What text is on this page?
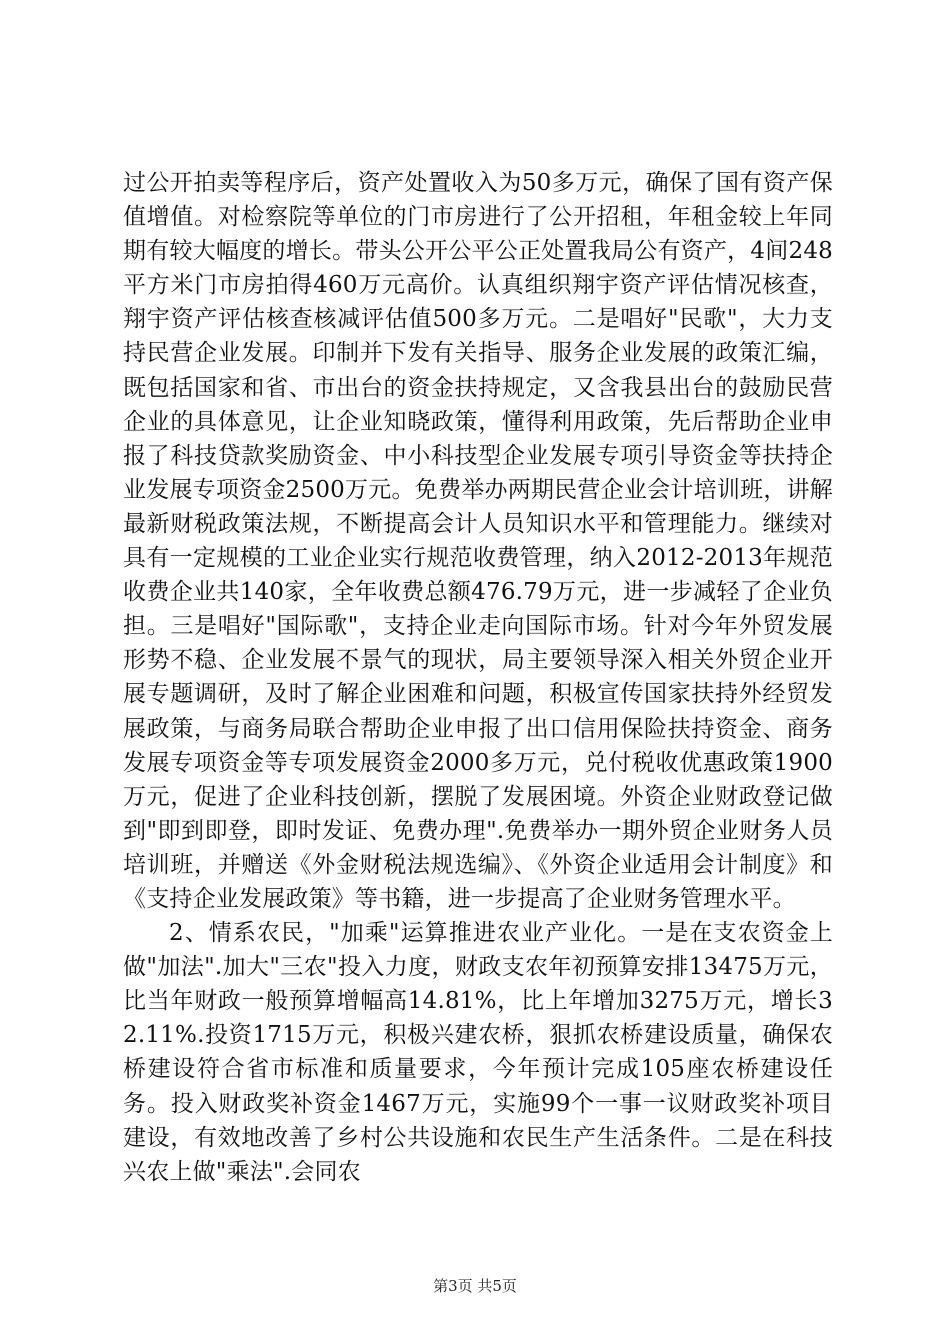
过公开拍卖等程序后，资产处置收入为50多万元，确保了国有资产保值增值。对检察院等单位的门市房进行了公开招租，年租金较上年同期有较大幅度的增长。带头公开公平公正处置我局公有资产，4间248平方米门市房拍得460万元高价。认真组织翔宇资产评估情况核查，翔宇资产评估核查核减评估值500多万元。二是唱好"民歌"，大力支持民营企业发展。印制并下发有关指导、服务企业发展的政策汇编，既包括国家和省、市出台的资金扶持规定，又含我县出台的鼓励民营企业的具体意见，让企业知晓政策，懂得利用政策，先后帮助企业申报了科技贷款奖励资金、中小科技型企业发展专项引导资金等扶持企业发展专项资金2500万元。免费举办两期民营企业会计培训班，讲解最新财税政策法规，不断提高会计人员知识水平和管理能力。继续对具有一定规模的工业企业实行规范收费管理，纳入2012-2013年规范收费企业共140家，全年收费总额476.79万元，进一步减轻了企业负担。三是唱好"国际歌"，支持企业走向国际市场。针对今年外贸发展形势不稳、企业发展不景气的现状，局主要领导深入相关外贸企业开展专题调研，及时了解企业困难和问题，积极宣传国家扶持外经贸发展政策，与商务局联合帮助企业申报了出口信用保险扶持资金、商务发展专项资金等专项发展资金2000多万元，兑付税收优惠政策1900万元，促进了企业科技创新，摆脱了发展困境。外资企业财政登记做到"即到即登，即时发证、免费办理".免费举办一期外贸企业财务人员培训班，并赠送《外金财税法规选编》、《外资企业适用会计制度》和《支持企业发展政策》等书籍，进一步提高了企业财务管理水平。

2、情系农民，"加乘"运算推进农业产业化。一是在支农资金上做"加法".加大"三农"投入力度，财政支农年初预算安排13475万元，比当年财政一般预算增幅高14.81%，比上年增加3275万元，增长32.11%.投资1715万元，积极兴建农桥，狠抓农桥建设质量，确保农桥建设符合省市标准和质量要求，今年预计完成105座农桥建设任务。投入财政奖补资金1467万元，实施99个一事一议财政奖补项目建设，有效地改善了乡村公共设施和农民生产生活条件。二是在科技兴农上做"乘法".会同农

第3页 共5页
